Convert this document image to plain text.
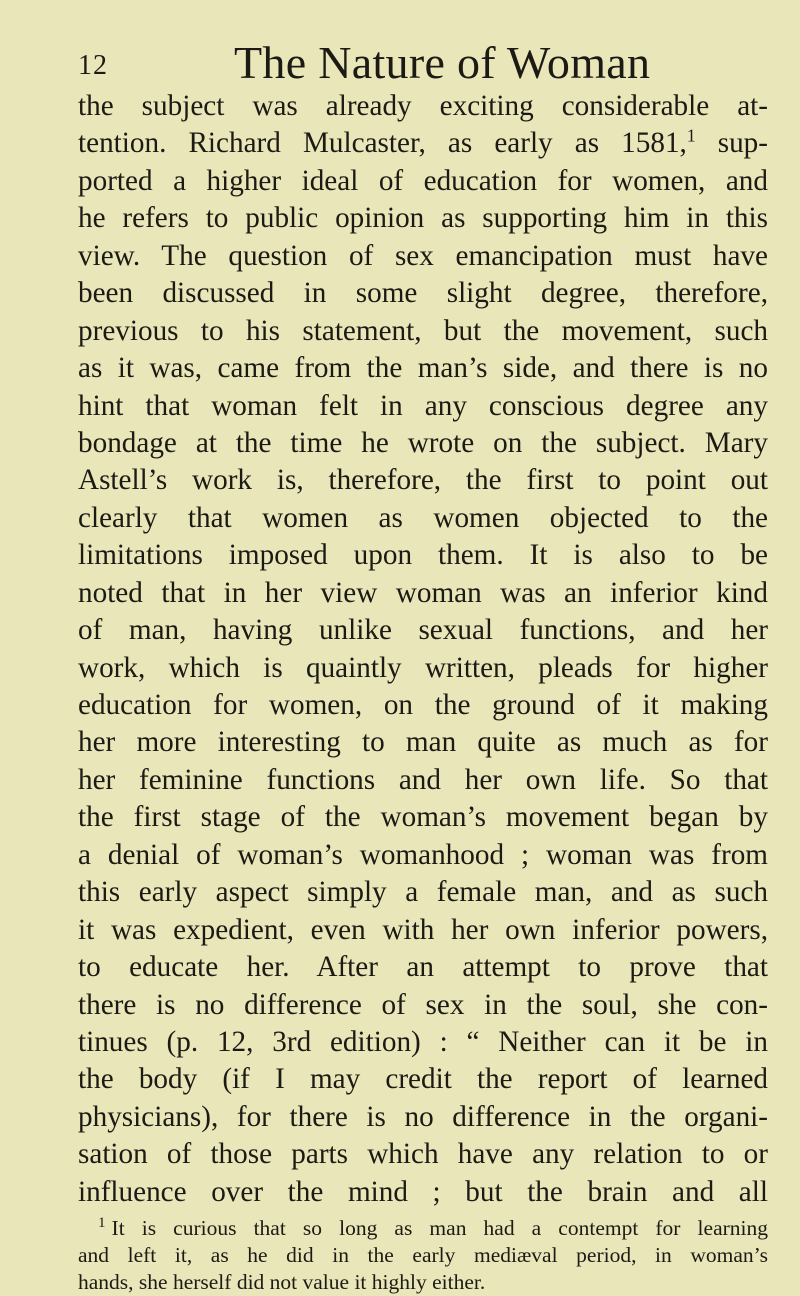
12	The Nature of Woman
the subject was already exciting considerable at-
tention. Richard Mulcaster, as early as 1581,$^1$ sup-
ported a higher ideal of education for women, and
he refers to public opinion as supporting him in this
view. The question of sex emancipation must have
been discussed in some slight degree, therefore,
previous to his statement, but the movement, such
as it was, came from the man’s side, and there is no
hint that woman felt in any conscious degree any
bondage at the time he wrote on the subject. Mary
Astell’s work is, therefore, the first to point out
clearly that women as women objected to the
limitations imposed upon them. It is also to be
noted that in her view woman was an inferior kind
of man, having unlike sexual functions, and her
work, which is quaintly written, pleads for higher
education for women, on the ground of it making
her more interesting to man quite as much as for
her feminine functions and her own life. So that
the first stage of the woman’s movement began by
a denial of woman’s womanhood ; woman was from
this early aspect simply a female man, and as such
it was expedient, even with her own inferior powers,
to educate her. After an attempt to prove that
there is no difference of sex in the soul, she con-
tinues (p. 12, 3rd edition) : “ Neither can it be in
the body (if I may credit the report of learned
physicians), for there is no difference in the organi-
sation of those parts which have any relation to or
influence over the mind ; but the brain and all
$^1$ It is curious that so long as man had a contempt for learning
and left it, as he did in the early mediæval period, in woman’s
hands, she herself did not value it highly either.
